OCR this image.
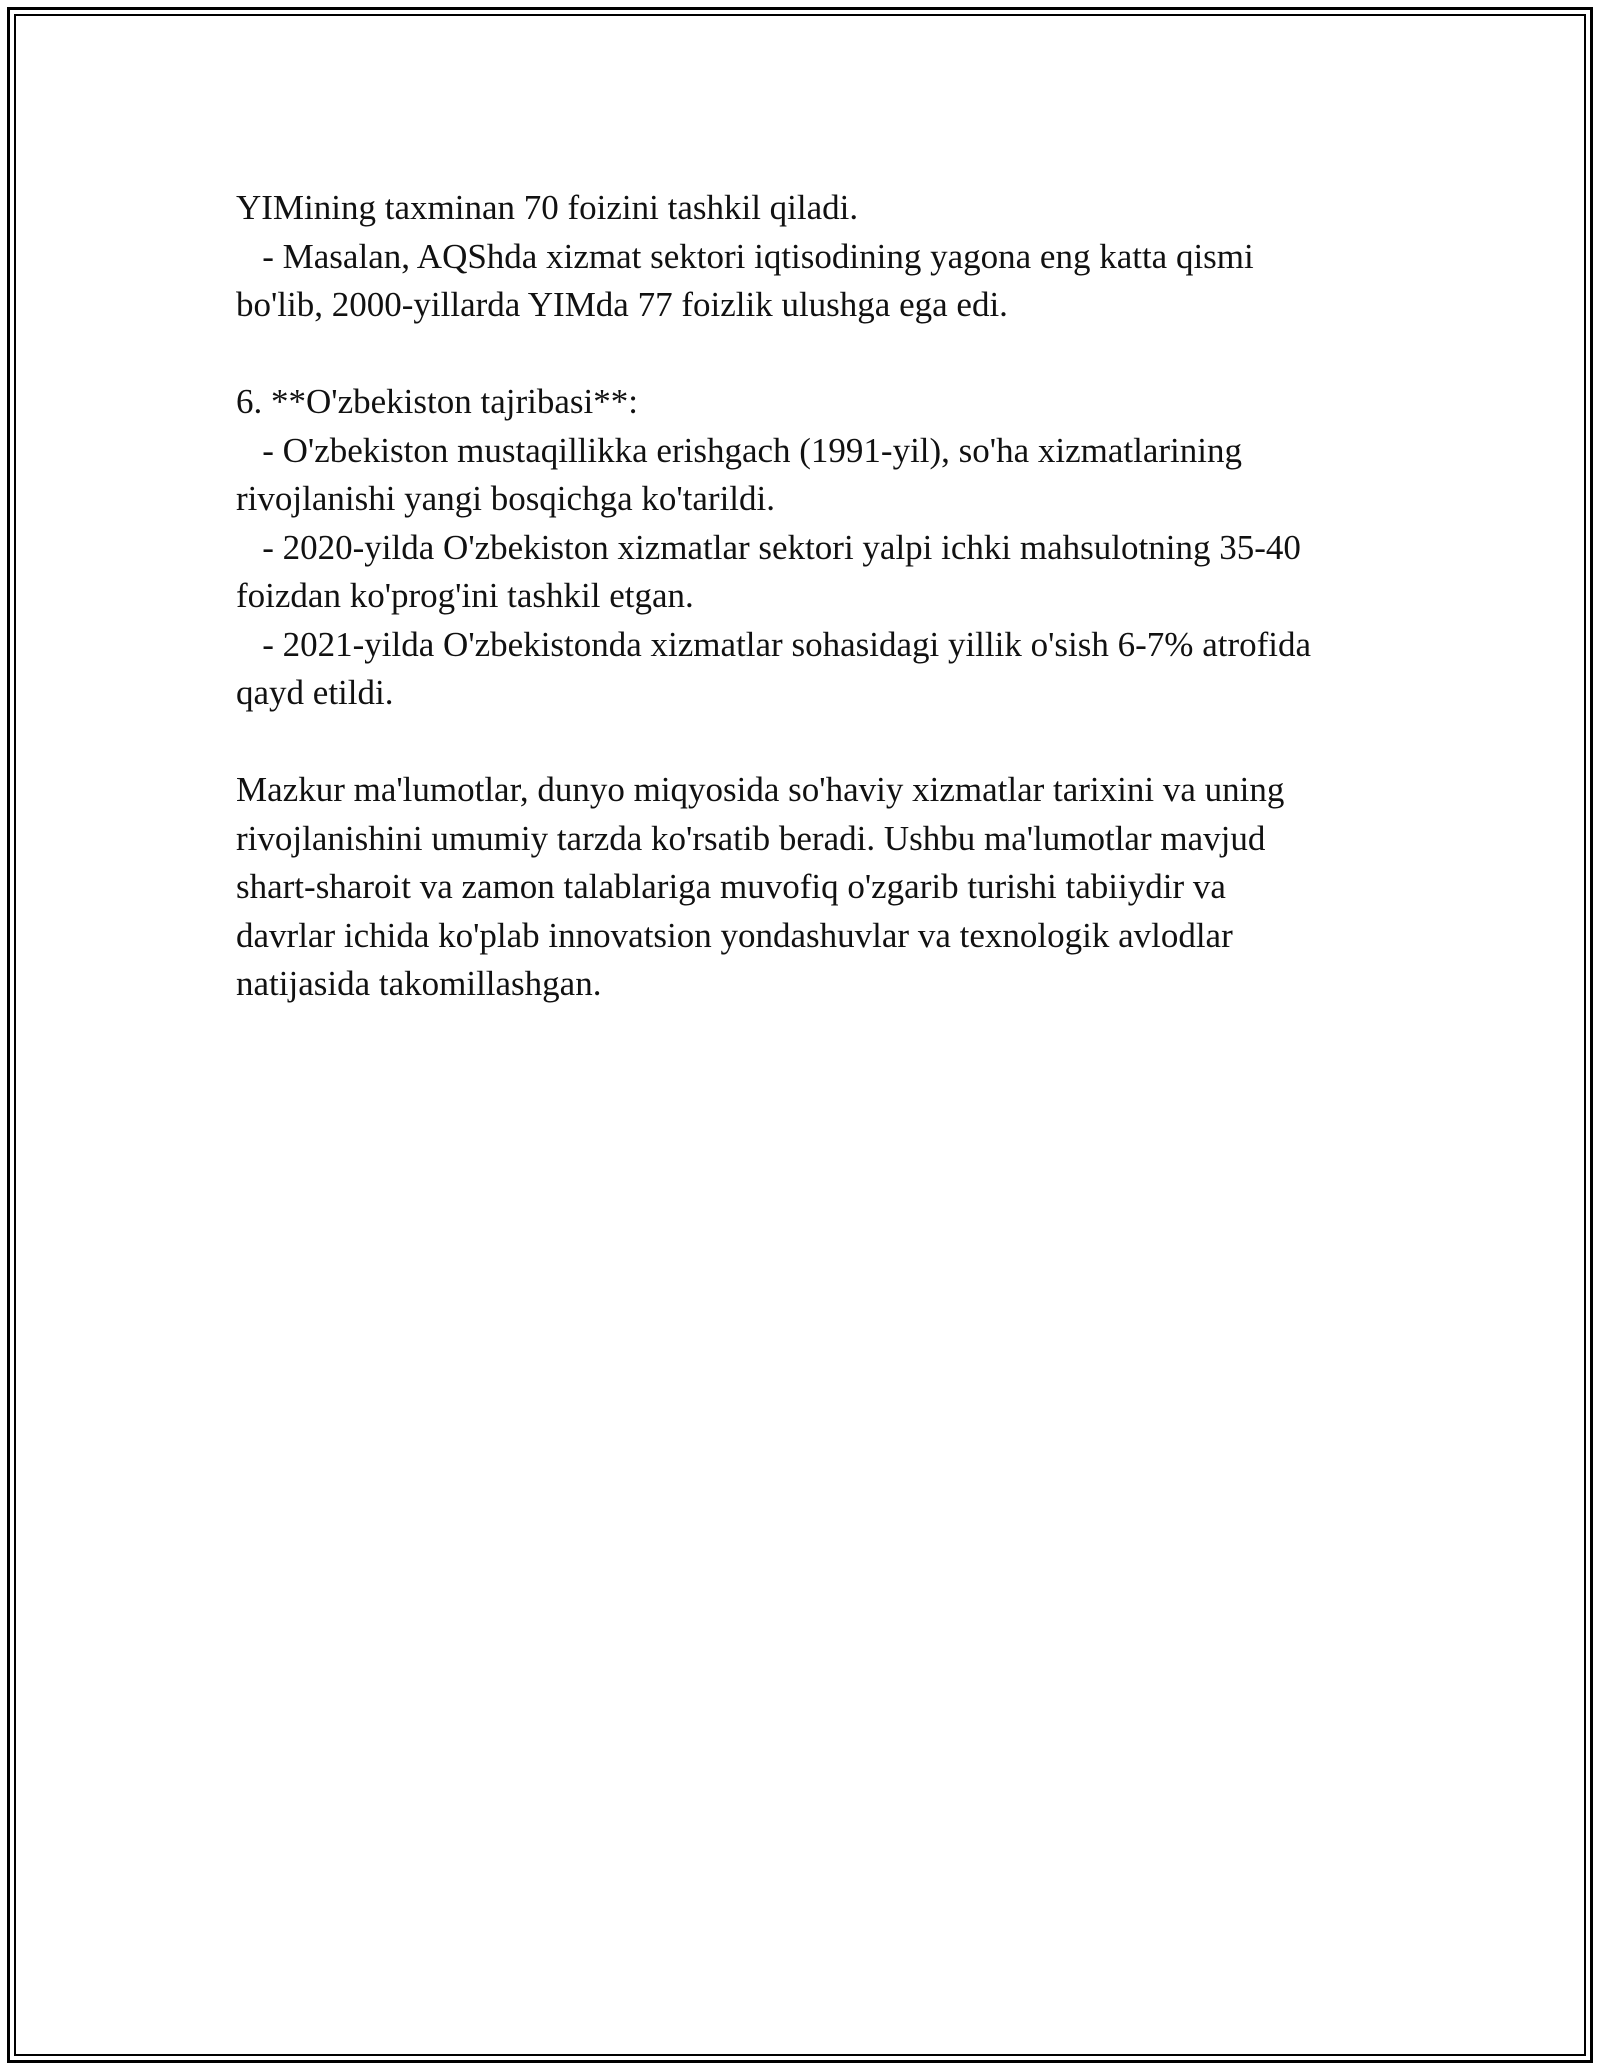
YIMining taxminan 70 foizini tashkil qiladi.
- Masalan, AQShda xizmat sektori iqtisodining yagona eng katta qismi
bo'lib, 2000-yillarda YIMda 77 foizlik ulushga ega edi.
6. **O'zbekiston tajribasi**:
- O'zbekiston mustaqillikka erishgach (1991-yil), so'ha xizmatlarining
rivojlanishi yangi bosqichga ko'tarildi.
- 2020-yilda O'zbekiston xizmatlar sektori yalpi ichki mahsulotning 35-40
foizdan ko'prog'ini tashkil etgan.
- 2021-yilda O'zbekistonda xizmatlar sohasidagi yillik o'sish 6-7% atrofida
qayd etildi.
Mazkur ma'lumotlar, dunyo miqyosida so'haviy xizmatlar tarixini va uning
rivojlanishini umumiy tarzda ko'rsatib beradi. Ushbu ma'lumotlar mavjud
shart-sharoit va zamon talablariga muvofiq o'zgarib turishi tabiiydir va
davrlar ichida ko'plab innovatsion yondashuvlar va texnologik avlodlar
natijasida takomillashgan.
